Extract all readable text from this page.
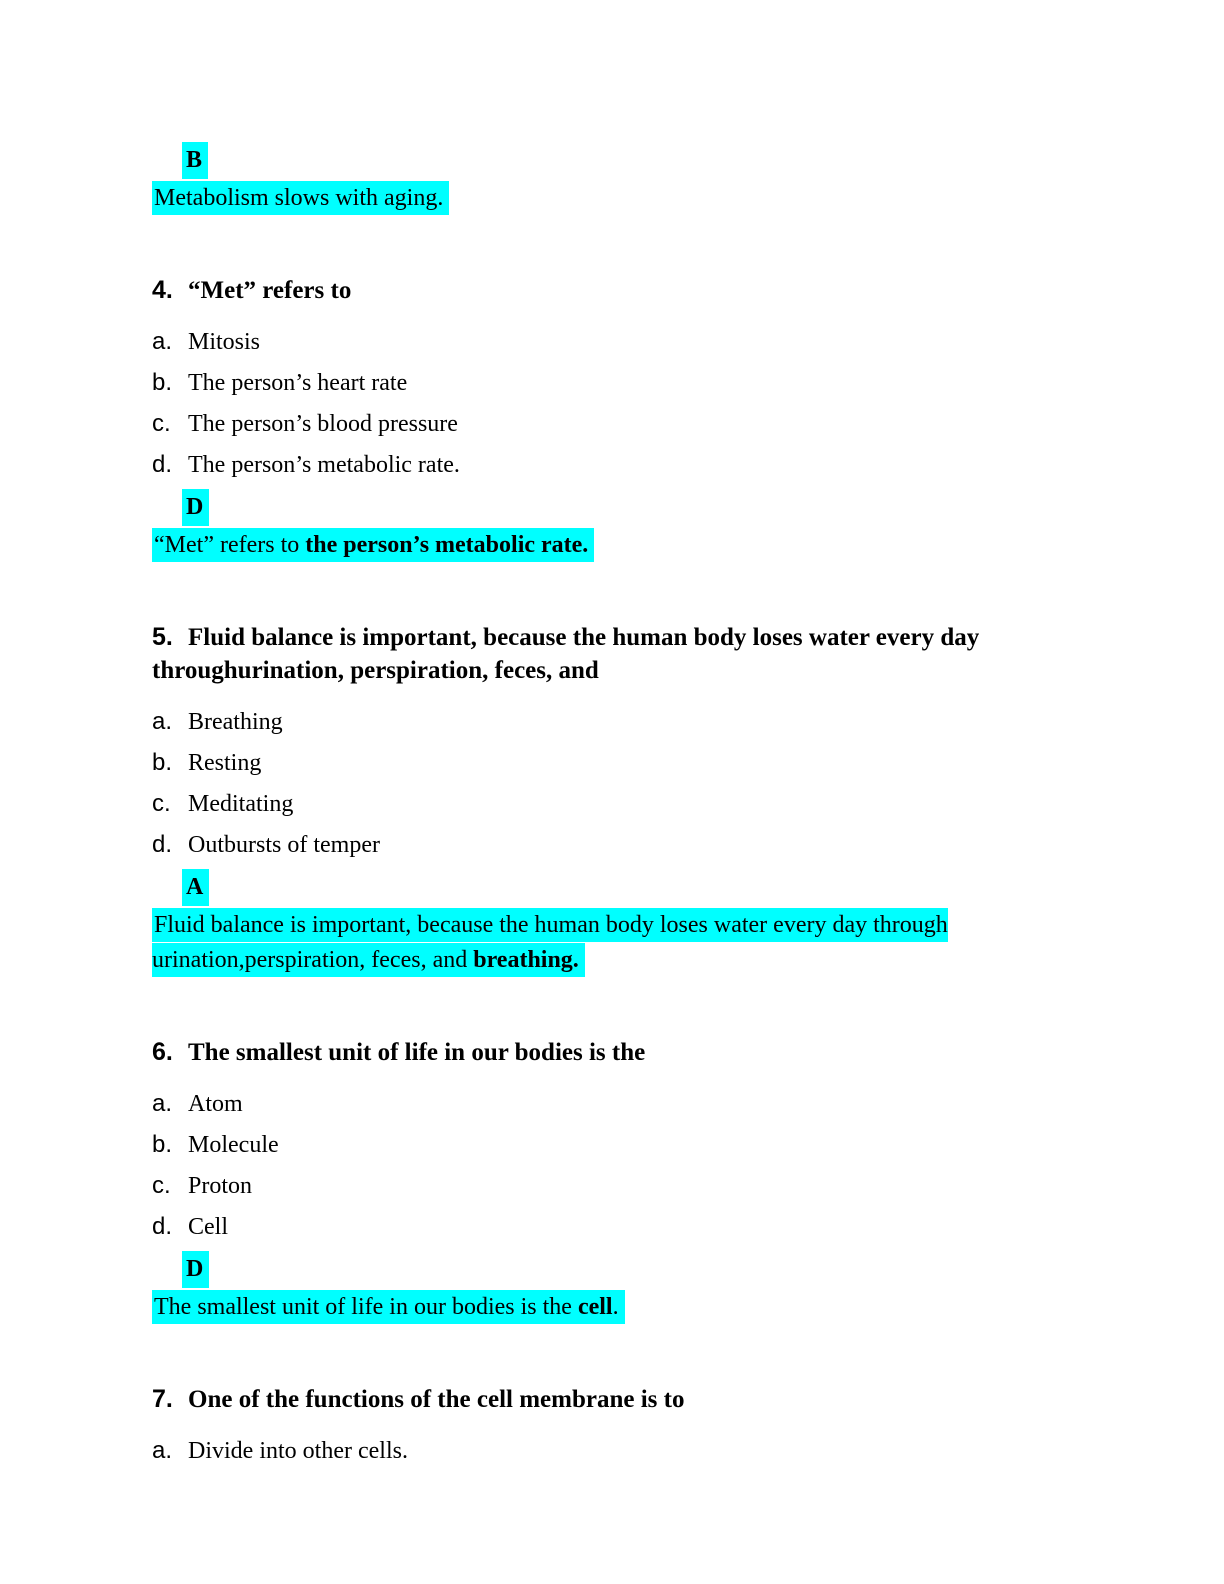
B
Metabolism slows with aging.
4. “Met” refers to
a. Mitosis
b. The person’s heart rate
c. The person’s blood pressure
d. The person’s metabolic rate.
D
“Met” refers to the person’s metabolic rate.
5. Fluid balance is important, because the human body loses water every day throughurination, perspiration, feces, and
a. Breathing
b. Resting
c. Meditating
d. Outbursts of temper
A
Fluid balance is important, because the human body loses water every day through urination,perspiration, feces, and breathing.
6. The smallest unit of life in our bodies is the
a. Atom
b. Molecule
c. Proton
d. Cell
D
The smallest unit of life in our bodies is the cell.
7. One of the functions of the cell membrane is to
a. Divide into other cells.
